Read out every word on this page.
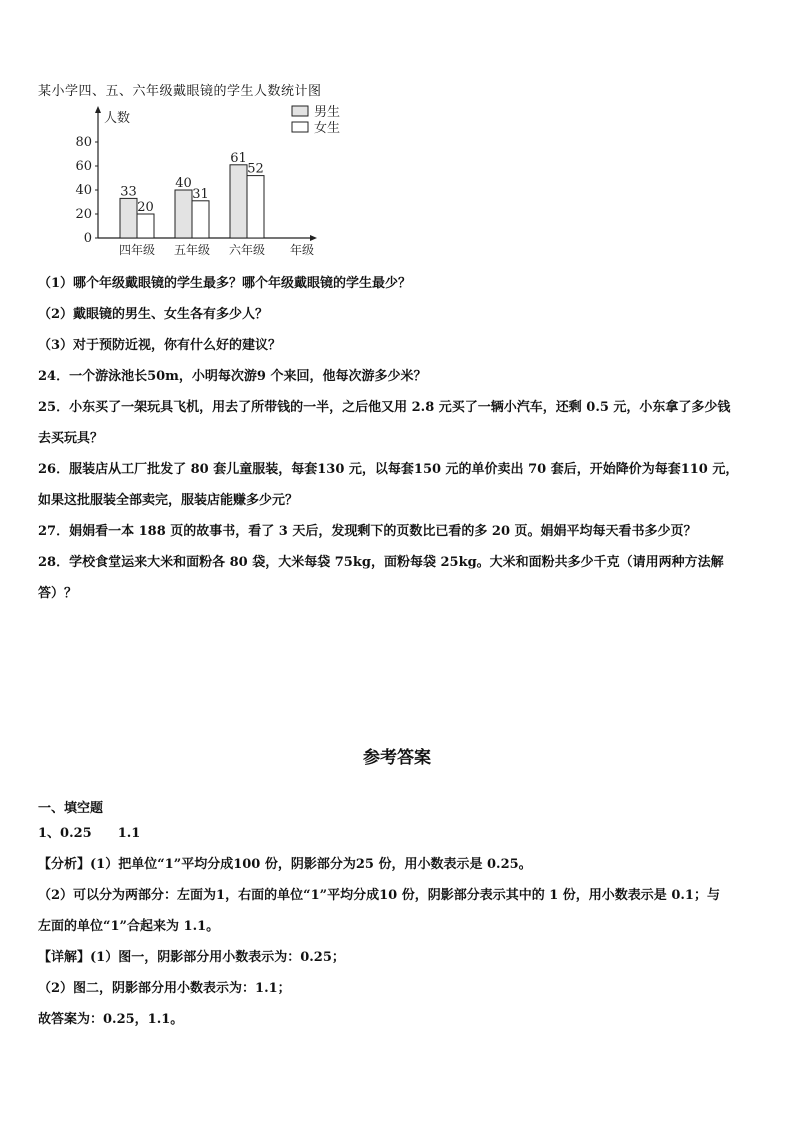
某小学四、五、六年级戴眼镜的学生人数统计图
人数
0
20
40
60
80
33
20
四年级
40
31
五年级
61
52
六年级 年级
男生
女生
（1）哪个年级戴眼镜的学生最多？哪个年级戴眼镜的学生最少？
（2）戴眼镜的男生、女生各有多少人？
（3）对于预防近视，你有什么好的建议？
24．一个游泳池长50m，小明每次游9 个来回，他每次游多少米？
25．小东买了一架玩具飞机，用去了所带钱的一半，之后他又用 2.8 元买了一辆小汽车，还剩 0.5 元，小东拿了多少钱
去买玩具？
26．服装店从工厂批发了 80 套儿童服装，每套130 元，以每套150 元的单价卖出 70 套后，开始降价为每套110 元，
如果这批服装全部卖完，服装店能赚多少元？
27．娟娟看一本 188 页的故事书，看了 3 天后，发现剩下的页数比已看的多 20 页。娟娟平均每天看书多少页？
28．学校食堂运来大米和面粉各 80 袋，大米每袋 75kg，面粉每袋 25kg。大米和面粉共多少千克（请用两种方法解
答）？
参考答案
一、填空题
1、0.25　　1.1
【分析】(1）把单位“1”平均分成100 份，阴影部分为25 份，用小数表示是 0.25。
（2）可以分为两部分：左面为1，右面的单位“1”平均分成10 份，阴影部分表示其中的 1 份，用小数表示是 0.1；与
左面的单位“1”合起来为 1.1。
【详解】(1）图一，阴影部分用小数表示为：0.25；
（2）图二，阴影部分用小数表示为：1.1；
故答案为：0.25，1.1。
